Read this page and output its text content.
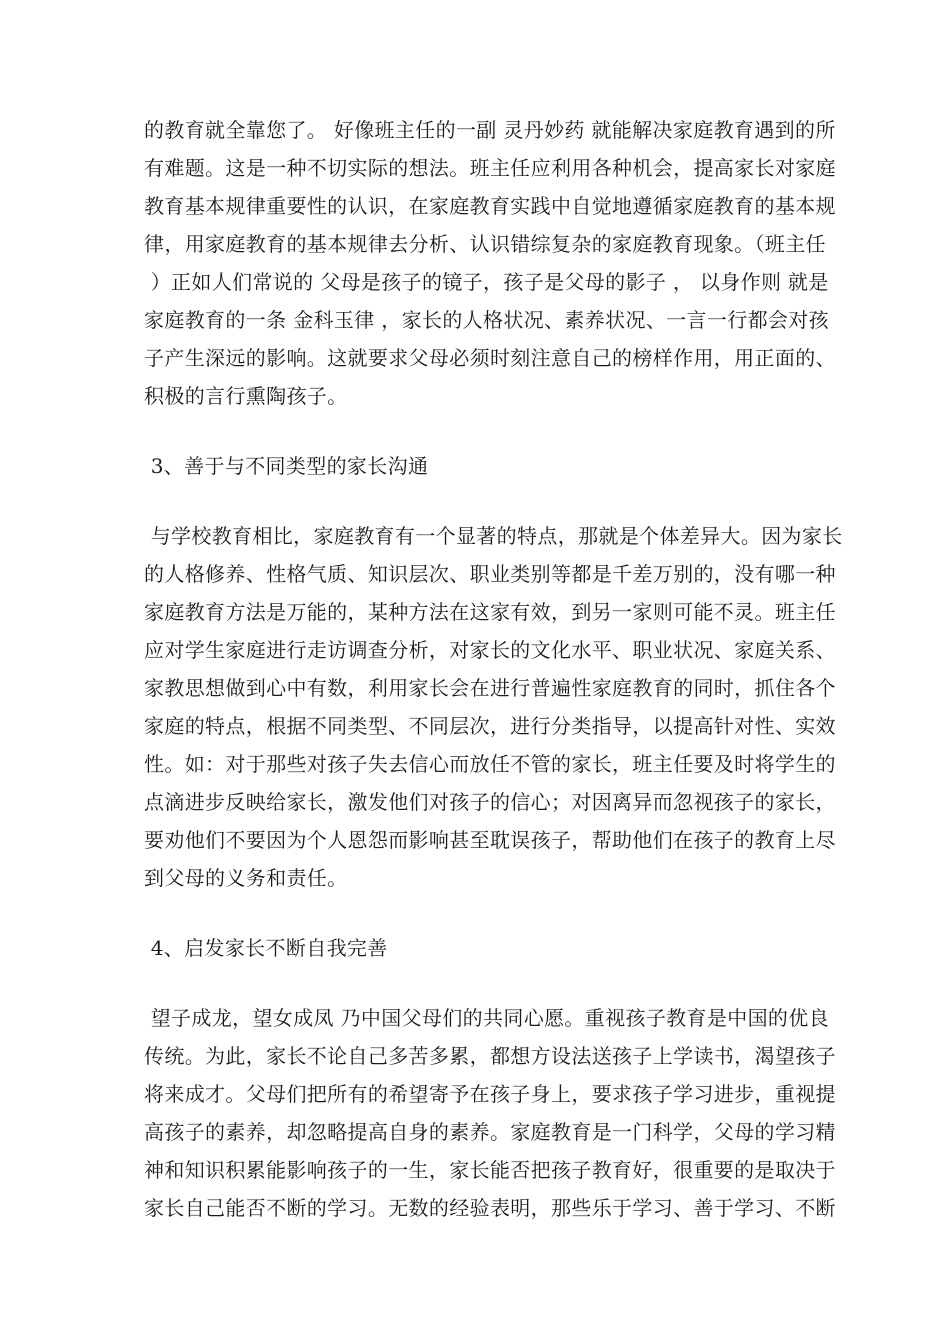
的教育就全靠您了。 好像班主任的一副 灵丹妙药 就能解决家庭教育遇到的所
有难题。这是一种不切实际的想法。班主任应利用各种机会，提高家长对家庭
教育基本规律重要性的认识，在家庭教育实践中自觉地遵循家庭教育的基本规
律，用家庭教育的基本规律去分析、认识错综复杂的家庭教育现象。（班主任
）正如人们常说的 父母是孩子的镜子，孩子是父母的影子 ， 以身作则 就是
家庭教育的一条 金科玉律 ，家长的人格状况、素养状况、一言一行都会对孩
子产生深远的影响。这就要求父母必须时刻注意自己的榜样作用，用正面的、
积极的言行熏陶孩子。
3、善于与不同类型的家长沟通
与学校教育相比，家庭教育有一个显著的特点，那就是个体差异大。因为家长
的人格修养、性格气质、知识层次、职业类别等都是千差万别的，没有哪一种
家庭教育方法是万能的，某种方法在这家有效，到另一家则可能不灵。班主任
应对学生家庭进行走访调查分析，对家长的文化水平、职业状况、家庭关系、
家教思想做到心中有数，利用家长会在进行普遍性家庭教育的同时，抓住各个
家庭的特点，根据不同类型、不同层次，进行分类指导，以提高针对性、实效
性。如：对于那些对孩子失去信心而放任不管的家长，班主任要及时将学生的
点滴进步反映给家长，激发他们对孩子的信心；对因离异而忽视孩子的家长，
要劝他们不要因为个人恩怨而影响甚至耽误孩子，帮助他们在孩子的教育上尽
到父母的义务和责任。
4、启发家长不断自我完善
望子成龙，望女成凤 乃中国父母们的共同心愿。重视孩子教育是中国的优良
传统。为此，家长不论自己多苦多累，都想方设法送孩子上学读书，渴望孩子
将来成才。父母们把所有的希望寄予在孩子身上，要求孩子学习进步，重视提
高孩子的素养，却忽略提高自身的素养。家庭教育是一门科学，父母的学习精
神和知识积累能影响孩子的一生，家长能否把孩子教育好，很重要的是取决于
家长自己能否不断的学习。无数的经验表明，那些乐于学习、善于学习、不断
